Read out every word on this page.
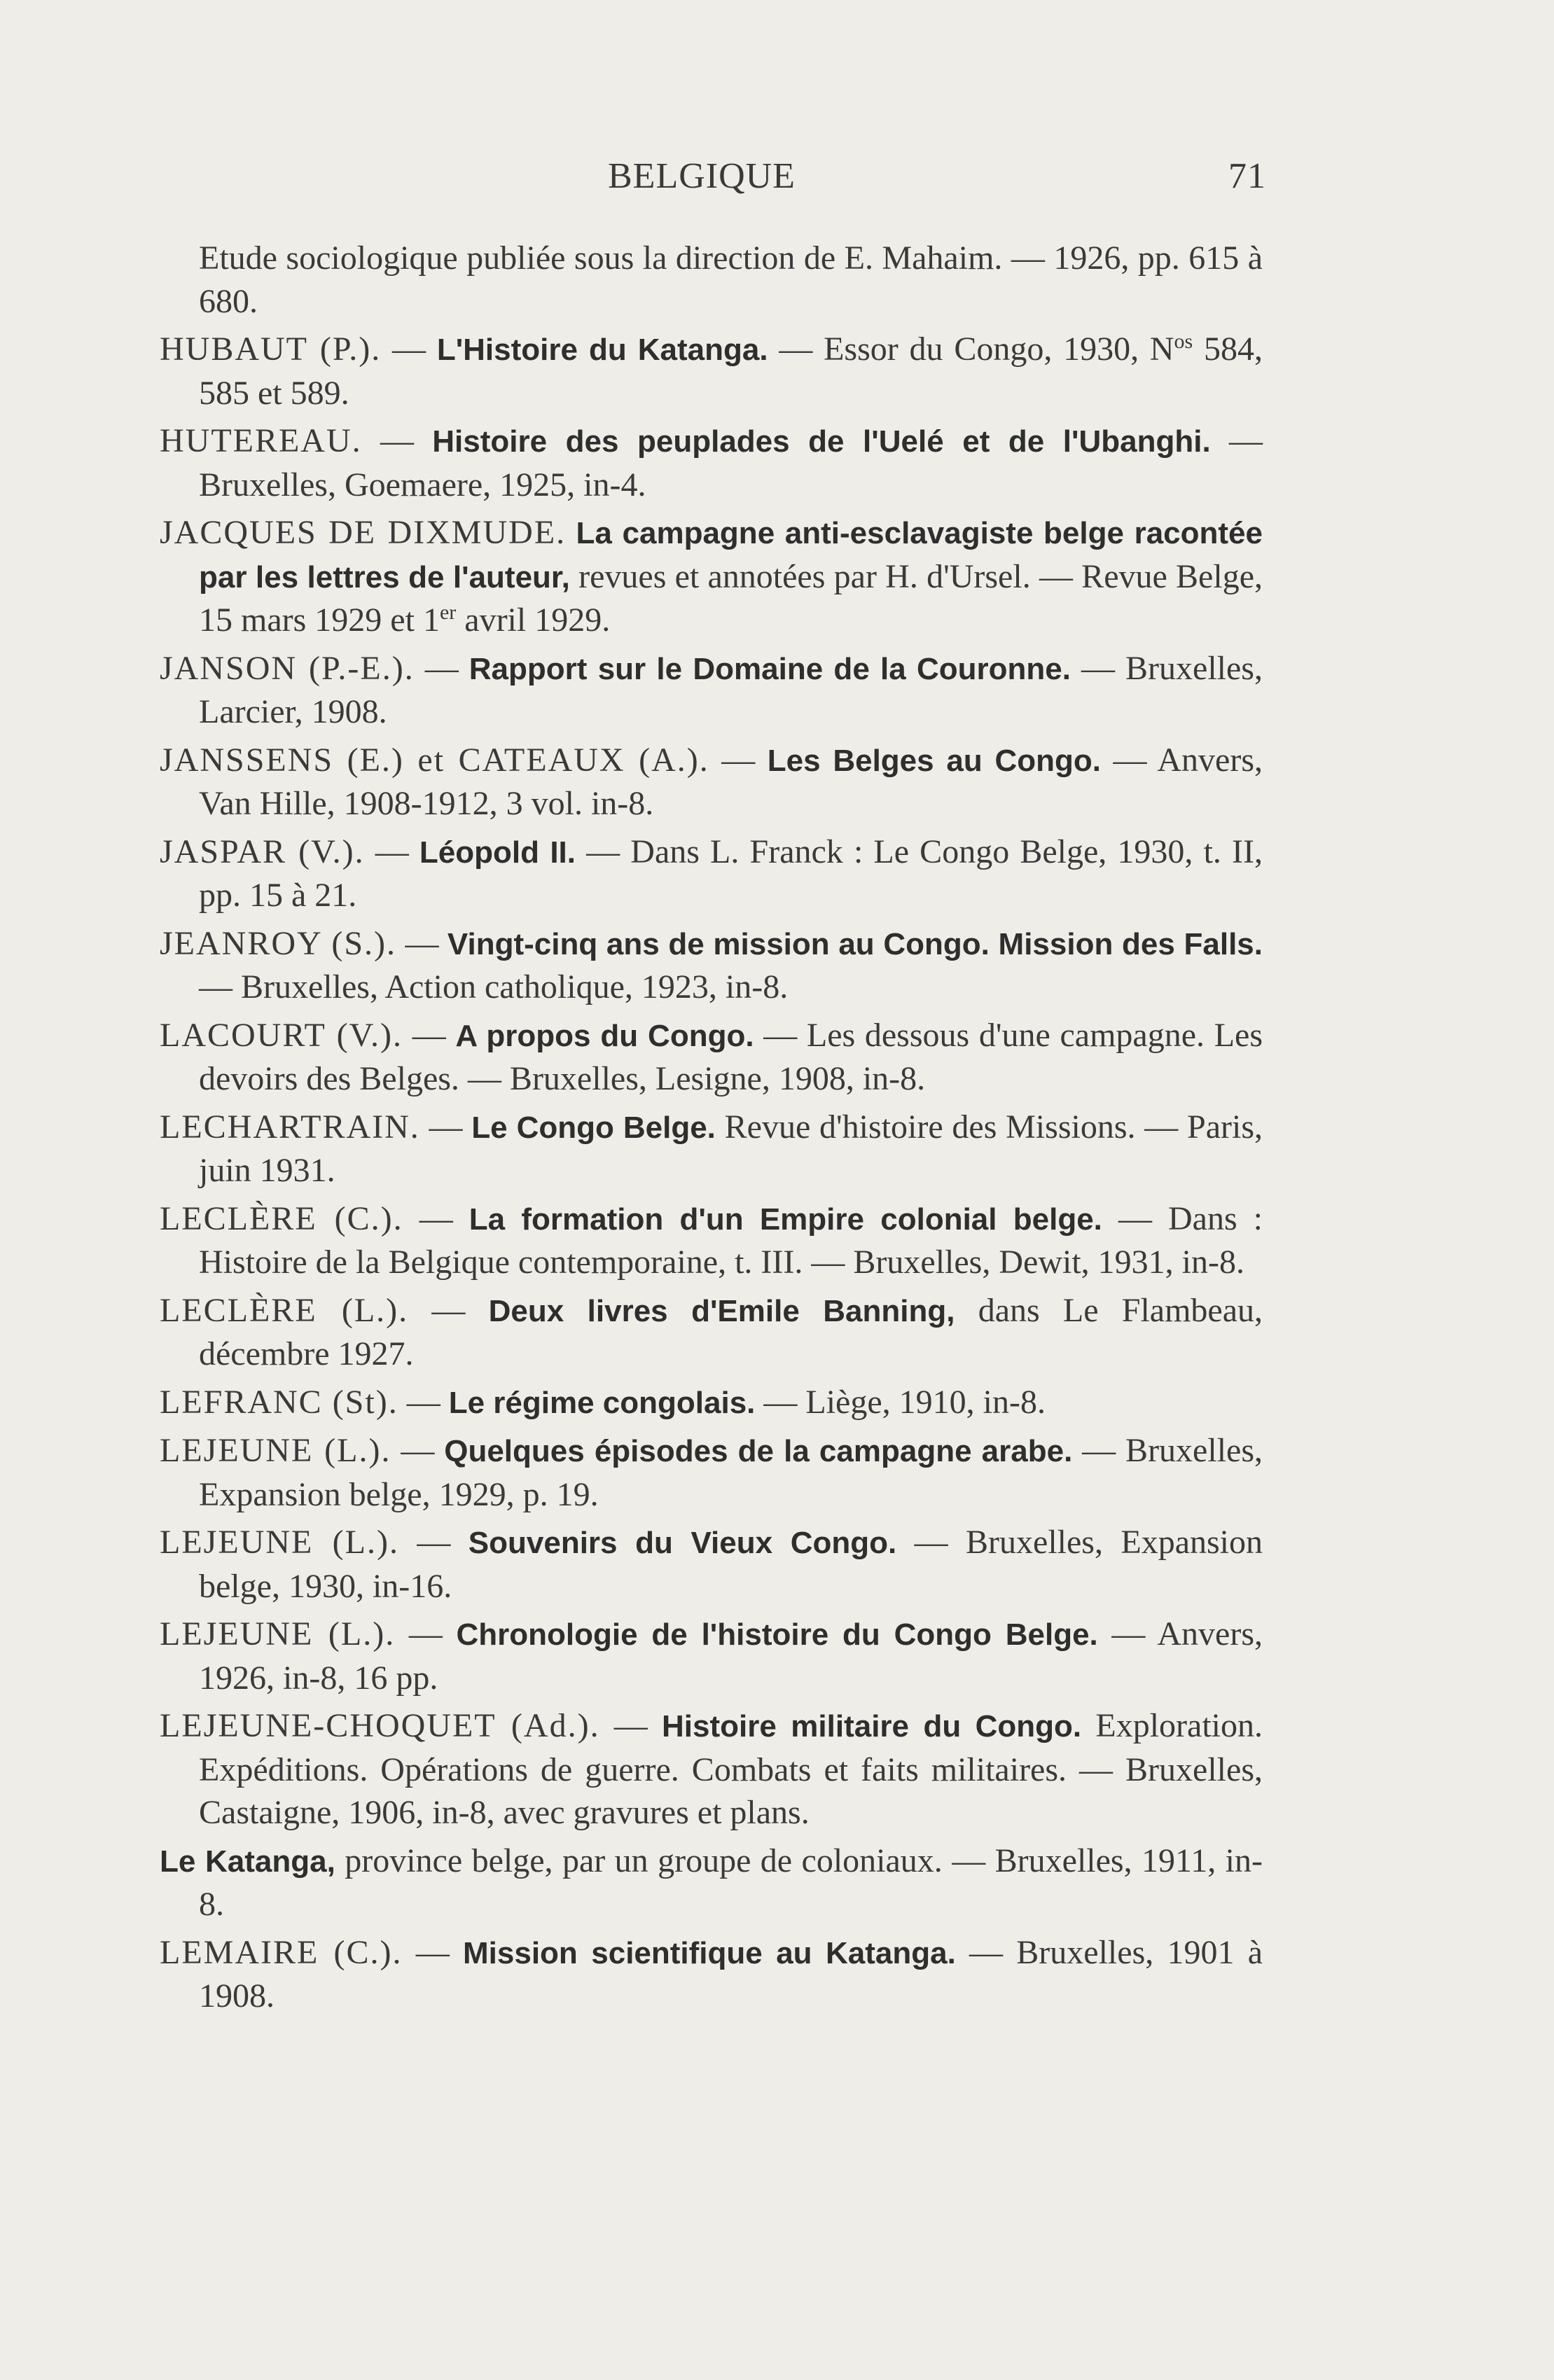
BELGIQUE	71
Etude sociologique publiée sous la direction de E. Mahaim. — 1926, pp. 615 à 680.
HUBAUT (P.). — L'Histoire du Katanga. — Essor du Congo, 1930, $N^{os}$ 584, 585 et 589.
HUTEREAU. — Histoire des peuplades de l'Uelé et de l'Ubanghi. — Bruxelles, Goemaere, 1925, in-4.
JACQUES DE DIXMUDE. La campagne anti-esclavagiste belge racontée par les lettres de l'auteur, revues et annotées par H. d'Ursel. — Revue Belge, 15 mars 1929 et 1er avril 1929.
JANSON (P.-E.). — Rapport sur le Domaine de la Couronne. — Bruxelles, Larcier, 1908.
JANSSENS (E.) et CATEAUX (A.). — Les Belges au Congo. — Anvers, Van Hille, 1908-1912, 3 vol. in-8.
JASPAR (V.). — Léopold II. — Dans L. Franck : Le Congo Belge, 1930, t. II, pp. 15 à 21.
JEANROY (S.). — Vingt-cinq ans de mission au Congo. Mission des Falls. — Bruxelles, Action catholique, 1923, in-8.
LACOURT (V.). — A propos du Congo. — Les dessous d'une campagne. Les devoirs des Belges. — Bruxelles, Lesigne, 1908, in-8.
LECHARTRAIN. — Le Congo Belge. Revue d'histoire des Missions. — Paris, juin 1931.
LECLÈRE (C.). — La formation d'un Empire colonial belge. — Dans : Histoire de la Belgique contemporaine, t. III. — Bruxelles, Dewit, 1931, in-8.
LECLÈRE (L.). — Deux livres d'Emile Banning, dans Le Flambeau, décembre 1927.
LEFRANC (St). — Le régime congolais. — Liège, 1910, in-8.
LEJEUNE (L.). — Quelques épisodes de la campagne arabe. — Bruxelles, Expansion belge, 1929, p. 19.
LEJEUNE (L.). — Souvenirs du Vieux Congo. — Bruxelles, Expansion belge, 1930, in-16.
LEJEUNE (L.). — Chronologie de l'histoire du Congo Belge. — Anvers, 1926, in-8, 16 pp.
LEJEUNE-CHOQUET (Ad.). — Histoire militaire du Congo. Exploration. Expéditions. Opérations de guerre. Combats et faits militaires. — Bruxelles, Castaigne, 1906, in-8, avec gravures et plans.
Le Katanga, province belge, par un groupe de coloniaux. — Bruxelles, 1911, in-8.
LEMAIRE (C.). — Mission scientifique au Katanga. — Bruxelles, 1901 à 1908.
